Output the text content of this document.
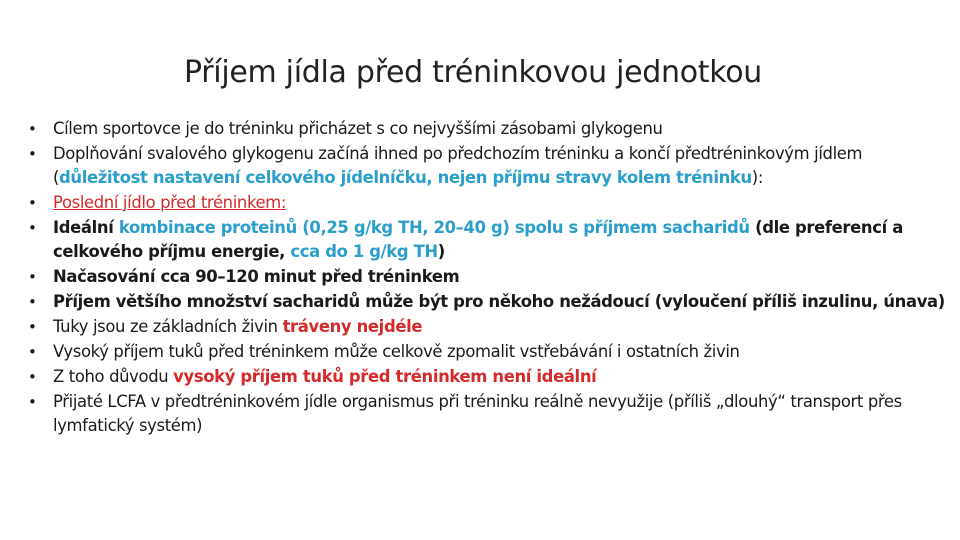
Příjem jídla před tréninkovou jednotkou
• Cílem sportovce je do tréninku přicházet s co nejvyššími zásobami glykogenu
• Doplňování svalového glykogenu začíná ihned po předchozím tréninku a končí předtréninkovým jídlem (důležitost nastavení celkového jídelníčku, nejen příjmu stravy kolem tréninku):
• Poslední jídlo před tréninkem:
• Ideální kombinace proteinů (0,25 g/kg TH, 20–40 g) spolu s příjmem sacharidů (dle preferencí a celkového příjmu energie, cca do 1 g/kg TH)
• Načasování cca 90–120 minut před tréninkem
• Příjem většího množství sacharidů může být pro někoho nežádoucí (vyloučení příliš inzulinu, únava)
• Tuky jsou ze základních živin tráveny nejdéle
• Vysoký příjem tuků před tréninkem může celkově zpomalit vstřebávání i ostatních živin
• Z toho důvodu vysoký příjem tuků před tréninkem není ideální
• Přijaté LCFA v předtréninkovém jídle organismus při tréninku reálně nevyužije (příliš „dlouhý“ transport přes lymfatický systém)
